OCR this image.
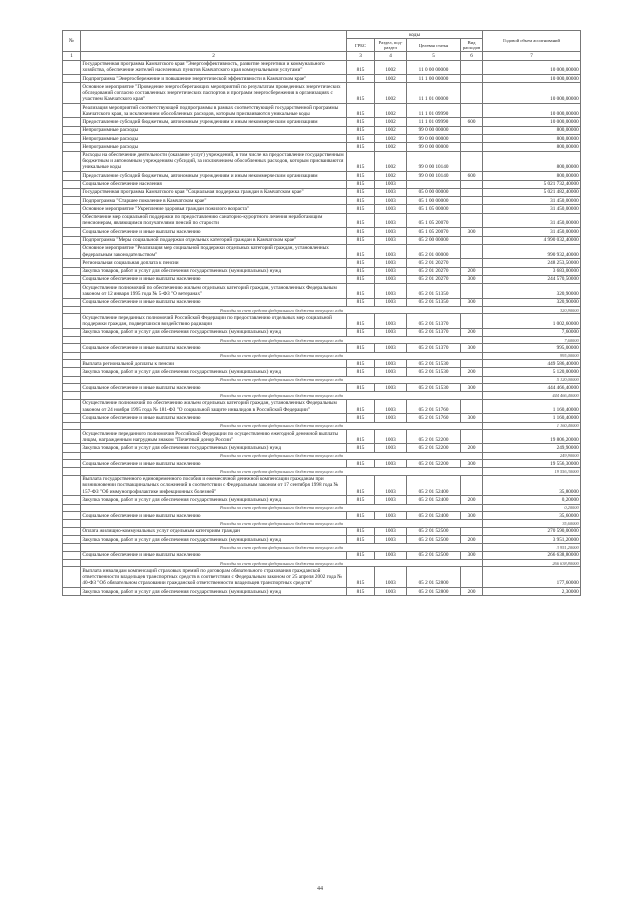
№		коды				Годовой объем ассигнований
		ГРБС	Раздел, под-раздел	Целевая статья	Вид расходов	
1	2	3	4	5	6	7
	Государственная программа Камчатского края "Энергоэффективность, развитие энергетики и коммунального хозяйства, обеспечение жителей населенных пунктов Камчатского края коммунальными услугами"	815	1002	11 0 00 00000		10 000,00000
	Подпрограмма "Энергосбережение и повышение энергетической эффективности в Камчатском крае"	815	1002	11 1 00 00000		10 000,00000
	Основное мероприятие "Проведение энергосберегающих мероприятий по результатам проведенных энергетических обследований согласно составленных энергетических паспортов и программ энергосбережения в организациях с участием Камчатского края"	815	1002	11 1 01 00000		10 000,00000
	Реализация мероприятий соответствующей подпрограммы в рамках соответствующей государственной программы Камчатского края, за исключением обособленных расходов, которым присваиваются уникальные коды	815	1002	11 1 01 09990		10 000,00000
	Предоставление субсидий бюджетным, автономным учреждениям и иным некоммерческим организациям	815	1002	11 1 01 09990	600	10 000,00000
	Непрограммные расходы	815	1002	99 0 00 00000		800,00000
	Непрограммные расходы	815	1002	99 0 00 00000		800,00000
	Непрограммные расходы	815	1002	99 0 00 00000		800,00000
	Расходы на обеспечение деятельности (оказание услуг) учреждений, в том числе на предоставление государственным бюджетным и автономным учреждениям субсидий, за исключением обособленных расходов, которым присваиваются уникальные коды	815	1002	99 0 00 10140		800,00000
	Предоставление субсидий бюджетным, автономным учреждениям и иным некоммерческим организациям	815	1002	99 0 00 10140	600	800,00000
	Социальное обеспечение населения	815	1003			5 021 732,40000
	Государственная программа Камчатского края "Социальная поддержка граждан в Камчатском крае"	815	1003	05 0 00 00000		5 021 482,40000
	Подпрограмма "Старшее поколение в Камчатском крае"	815	1003	05 1 00 00000		31 450,00000
	Основное мероприятие "Укрепление здоровья граждан пожилого возраста"	815	1003	05 1 05 00000		31 450,00000
	Обеспечение мер социальной поддержки по предоставлению санаторно-курортного лечения неработающим пенсионерам, являющимся получателями пенсий по старости	815	1003	05 1 05 20070		31 450,00000
	Социальное обеспечение и иные выплаты населению	815	1003	05 1 05 20070	300	31 450,00000
	Подпрограмма "Меры социальной поддержки отдельных категорий граждан в Камчатском крае"	815	1003	05 2 00 00000		4 990 032,40000
	Основное мероприятие "Реализация мер социальной поддержки отдельных категорий граждан, установленных федеральным законодательством"	815	1003	05 2 01 00000		990 932,40000
	Региональная социальная доплата к пенсии	815	1003	05 2 01 20270		248 253,50000
	Закупка товаров, работ и услуг для обеспечения государственных (муниципальных) нужд	815	1003	05 2 01 20270	200	3 683,00000
	Социальное обеспечение и иные выплаты населению	815	1003	05 2 01 20270	300	244 570,50000
	Осуществление полномочий по обеспечению жильем отдельных категорий граждан, установленных Федеральным законом от 12 января 1995 года № 5-ФЗ "О ветеранах"	815	1003	05 2 01 51350		320,90000
	Социальное обеспечение и иные выплаты населению	815	1003	05 2 01 51350	300	320,90000
	Расходы за счет средств федерального бюджета текущего года					320,90000
	Осуществление переданных полномочий Российской Федерации по предоставлению отдельных мер социальной поддержки граждан, подвергшихся воздействию радиации	815	1003	05 2 01 51370		1 002,60000
	Закупка товаров, работ и услуг для обеспечения государственных (муниципальных) нужд	815	1003	05 2 01 51370	200	7,60000
	Расходы за счет средств федерального бюджета текущего года					7,60000
	Социальное обеспечение и иные выплаты населению	815	1003	05 2 01 51370	300	995,00000
	Расходы за счет средств федерального бюджета текущего года					995,00000
	Выплата региональной доплаты к пенсии	815	1003	05 2 01 51530		449 586,40000
	Закупка товаров, работ и услуг для обеспечения государственных (муниципальных) нужд	815	1003	05 2 01 51530	200	5 120,00000
	Расходы за счет средств федерального бюджета текущего года					5 120,00000
	Социальное обеспечение и иные выплаты населению	815	1003	05 2 01 51530	300	444 466,40000
	Расходы за счет средств федерального бюджета текущего года					444 466,40000
	Осуществление полномочий по обеспечению жильем отдельных категорий граждан, установленных Федеральным законом от 24 ноября 1995 года № 181-ФЗ "О социальной защите инвалидов в Российской Федерации"	815	1003	05 2 01 51760		1 160,40000
	Социальное обеспечение и иные выплаты населению	815	1003	05 2 01 51760	300	1 160,40000
	Расходы за счет средств федерального бюджета текущего года					1 160,40000
	Осуществление переданного полномочия Российской Федерации по осуществлению ежегодной денежной выплаты лицам, награжденным нагрудным знаком "Почетный донор России"	815	1003	05 2 01 52200		19 806,20000
	Закупка товаров, работ и услуг для обеспечения государственных (муниципальных) нужд	815	1003	05 2 01 52200	200	249,90000
	Расходы за счет средств федерального бюджета текущего года					249,90000
	Социальное обеспечение и иные выплаты населению	815	1003	05 2 01 52200	300	19 556,30000
	Расходы за счет средств федерального бюджета текущего года					19 556,30000
	Выплата государственного единовременного пособия и ежемесячной денежной компенсации гражданам при возникновении поствакцинальных осложнений в соответствии с Федеральным законом от 17 сентября 1998 года № 157-ФЗ "Об иммунопрофилактике инфекционных болезней"	815	1003	05 2 01 52400		35,80000
	Закупка товаров, работ и услуг для обеспечения государственных (муниципальных) нужд	815	1003	05 2 01 52400	200	0,20000
	Расходы за счет средств федерального бюджета текущего года					0,20000
	Социальное обеспечение и иные выплаты населению	815	1003	05 2 01 52400	300	35,60000
	Расходы за счет средств федерального бюджета текущего года					35,60000
	Оплата жилищно-коммунальных услуг отдельным категориям граждан	815	1003	05 2 01 52500		270 590,00000
	Закупка товаров, работ и услуг для обеспечения государственных (муниципальных) нужд	815	1003	05 2 01 52500	200	3 951,20000
	Расходы за счет средств федерального бюджета текущего года					3 951,20000
	Социальное обеспечение и иные выплаты населению	815	1003	05 2 01 52500	300	266 638,80000
	Расходы за счет средств федерального бюджета текущего года					266 638,80000
	Выплата инвалидам компенсаций страховых премий по договорам обязательного страхования гражданской ответственности владельцев транспортных средств в соответствии с Федеральным законом от 25 апреля 2002 года № 40-ФЗ "Об обязательном страховании гражданской ответственности владельцев транспортных средств"	815	1003	05 2 01 52800		177,60000
	Закупка товаров, работ и услуг для обеспечения государственных (муниципальных) нужд	815	1003	05 2 01 52800	200	2,30000
44
